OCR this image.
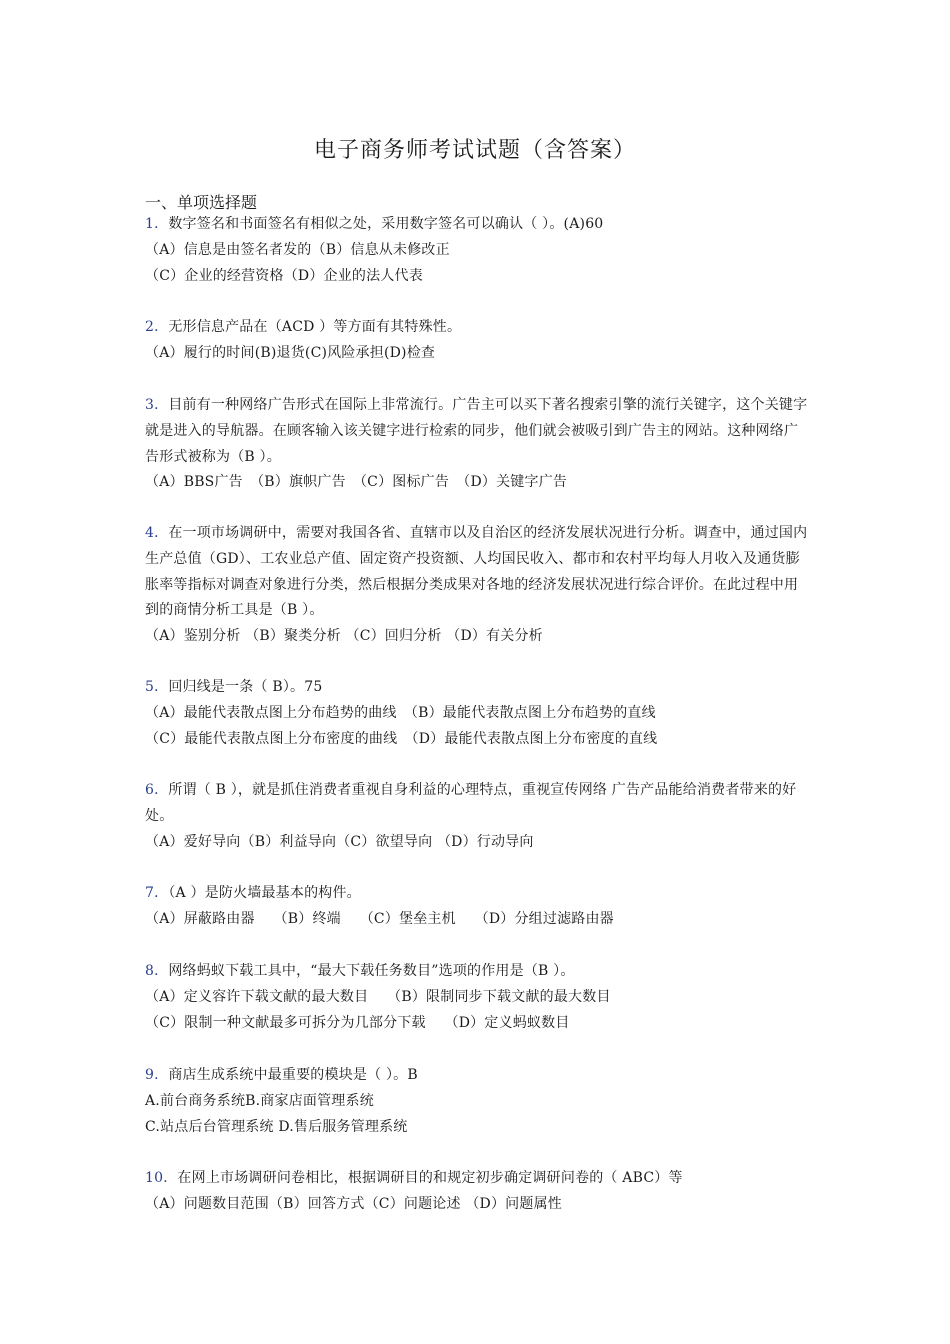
电子商务师考试试题（含答案）
一、单项选择题
1．数字签名和书面签名有相似之处，采用数字签名可以确认（ ）。(A)60
（A）信息是由签名者发的（B）信息从未修改正
（C）企业的经营资格（D）企业的法人代表
2．无形信息产品在（ACD ）等方面有其特殊性。
（A）履行的时间(B)退货(C)风险承担(D)检查
3．目前有一种网络广告形式在国际上非常流行。广告主可以买下著名搜索引擎的流行关键字，这个关键字就是进入的导航器。在顾客输入该关键字进行检索的同步，他们就会被吸引到广告主的网站。这种网络广告形式被称为（B ）。
（A）BBS广告　（B）旗帜广告　（C）图标广告　（D）关键字广告
4．在一项市场调研中，需要对我国各省、直辖市以及自治区的经济发展状况进行分析。调查中，通过国内生产总值（GD）、工农业总产值、固定资产投资额、人均国民收入、都市和农村平均每人月收入及通货膨胀率等指标对调查对象进行分类，然后根据分类成果对各地的经济发展状况进行综合评价。在此过程中用到的商情分析工具是（B ）。
（A）鉴别分析 （B）聚类分析 （C）回归分析 （D）有关分析
5．回归线是一条（ B）。75
（A）最能代表散点图上分布趋势的曲线　（B）最能代表散点图上分布趋势的直线
（C）最能代表散点图上分布密度的曲线　（D）最能代表散点图上分布密度的直线
6．所谓（ B ），就是抓住消费者重视自身利益的心理特点，重视宣传网络 广告产品能给消费者带来的好处。
（A）爱好导向（B）利益导向（C）欲望导向 （D）行动导向
7．（A ）是防火墙最基本的构件。
（A）屏蔽路由器　 （B）终端　 （C）堡垒主机　 （D）分组过滤路由器
8．网络蚂蚁下载工具中，“最大下载任务数目”选项的作用是（B ）。
（A）定义容许下载文献的最大数目　 （B）限制同步下载文献的最大数目
（C）限制一种文献最多可拆分为几部分下载　 （D）定义蚂蚁数目
9．商店生成系统中最重要的模块是（ ）。B
A.前台商务系统B.商家店面管理系统
C.站点后台管理系统 D.售后服务管理系统
10．在网上市场调研问卷相比，根据调研目的和规定初步确定调研问卷的（ ABC）等
（A）问题数目范围（B）回答方式（C）问题论述 （D）问题属性
